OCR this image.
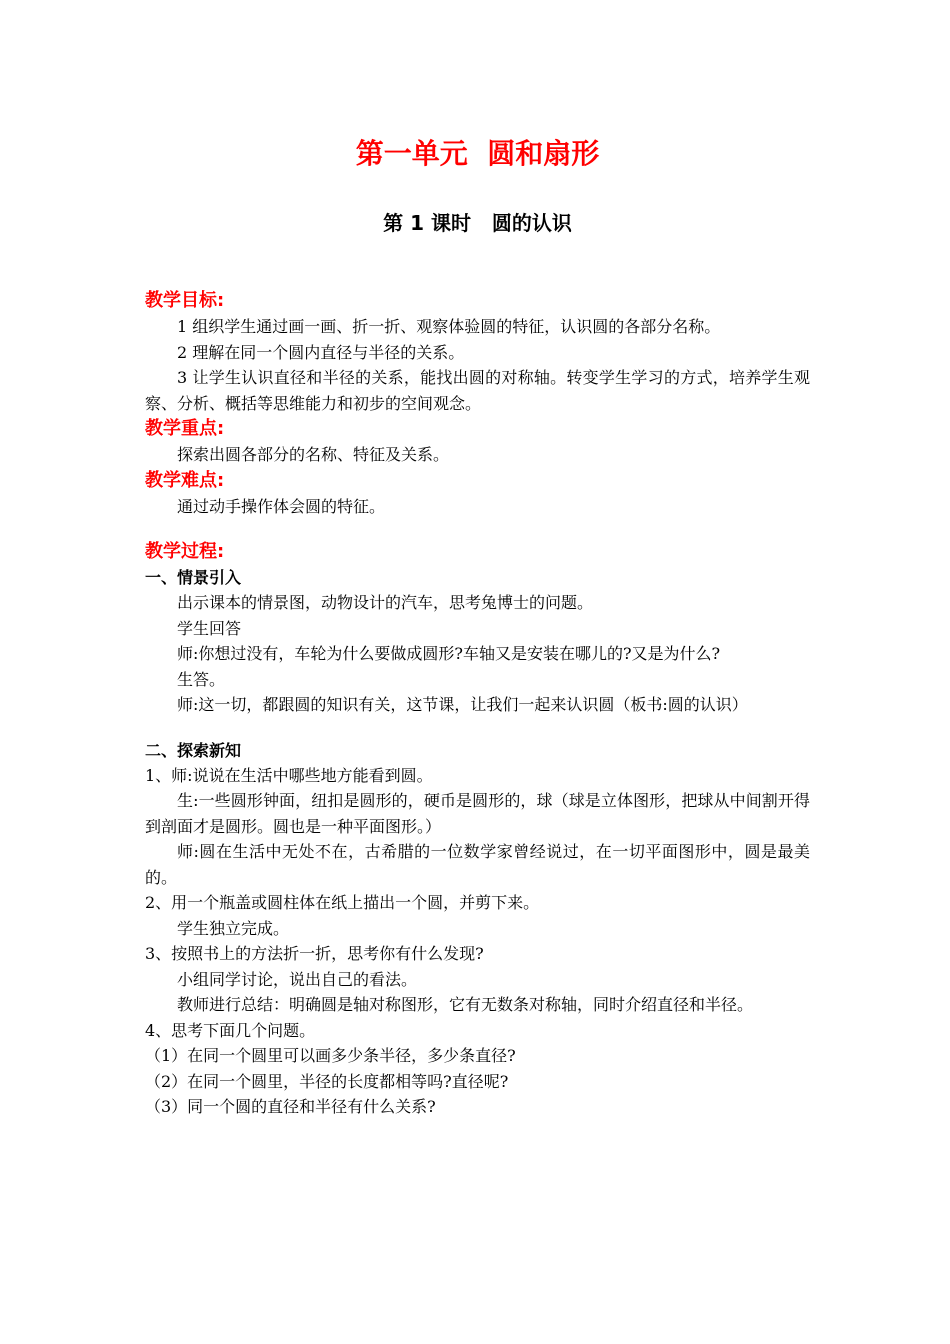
第一单元  圆和扇形
第 1 课时   圆的认识
教学目标:
1 组织学生通过画一画、折一折、观察体验圆的特征，认识圆的各部分名称。
2 理解在同一个圆内直径与半径的关系。
3 让学生认识直径和半径的关系，能找出圆的对称轴。转变学生学习的方式，培养学生观察、分析、概括等思维能力和初步的空间观念。
教学重点:
探索出圆各部分的名称、特征及关系。
教学难点:
通过动手操作体会圆的特征。
教学过程:
一、情景引入
出示课本的情景图，动物设计的汽车，思考兔博士的问题。
学生回答
师:你想过没有，车轮为什么要做成圆形?车轴又是安装在哪儿的?又是为什么?
生答。
师:这一切，都跟圆的知识有关，这节课，让我们一起来认识圆（板书:圆的认识）
二、探索新知
1、师:说说在生活中哪些地方能看到圆。
生:一些圆形钟面，纽扣是圆形的，硬币是圆形的，球（球是立体图形，把球从中间割开得到剖面才是圆形。圆也是一种平面图形。）
师:圆在生活中无处不在，古希腊的一位数学家曾经说过，在一切平面图形中，圆是最美的。
2、用一个瓶盖或圆柱体在纸上描出一个圆，并剪下来。
学生独立完成。
3、按照书上的方法折一折，思考你有什么发现?
小组同学讨论，说出自己的看法。
教师进行总结：明确圆是轴对称图形，它有无数条对称轴，同时介绍直径和半径。
4、思考下面几个问题。
（1）在同一个圆里可以画多少条半径，多少条直径?
（2）在同一个圆里，半径的长度都相等吗?直径呢?
（3）同一个圆的直径和半径有什么关系?
